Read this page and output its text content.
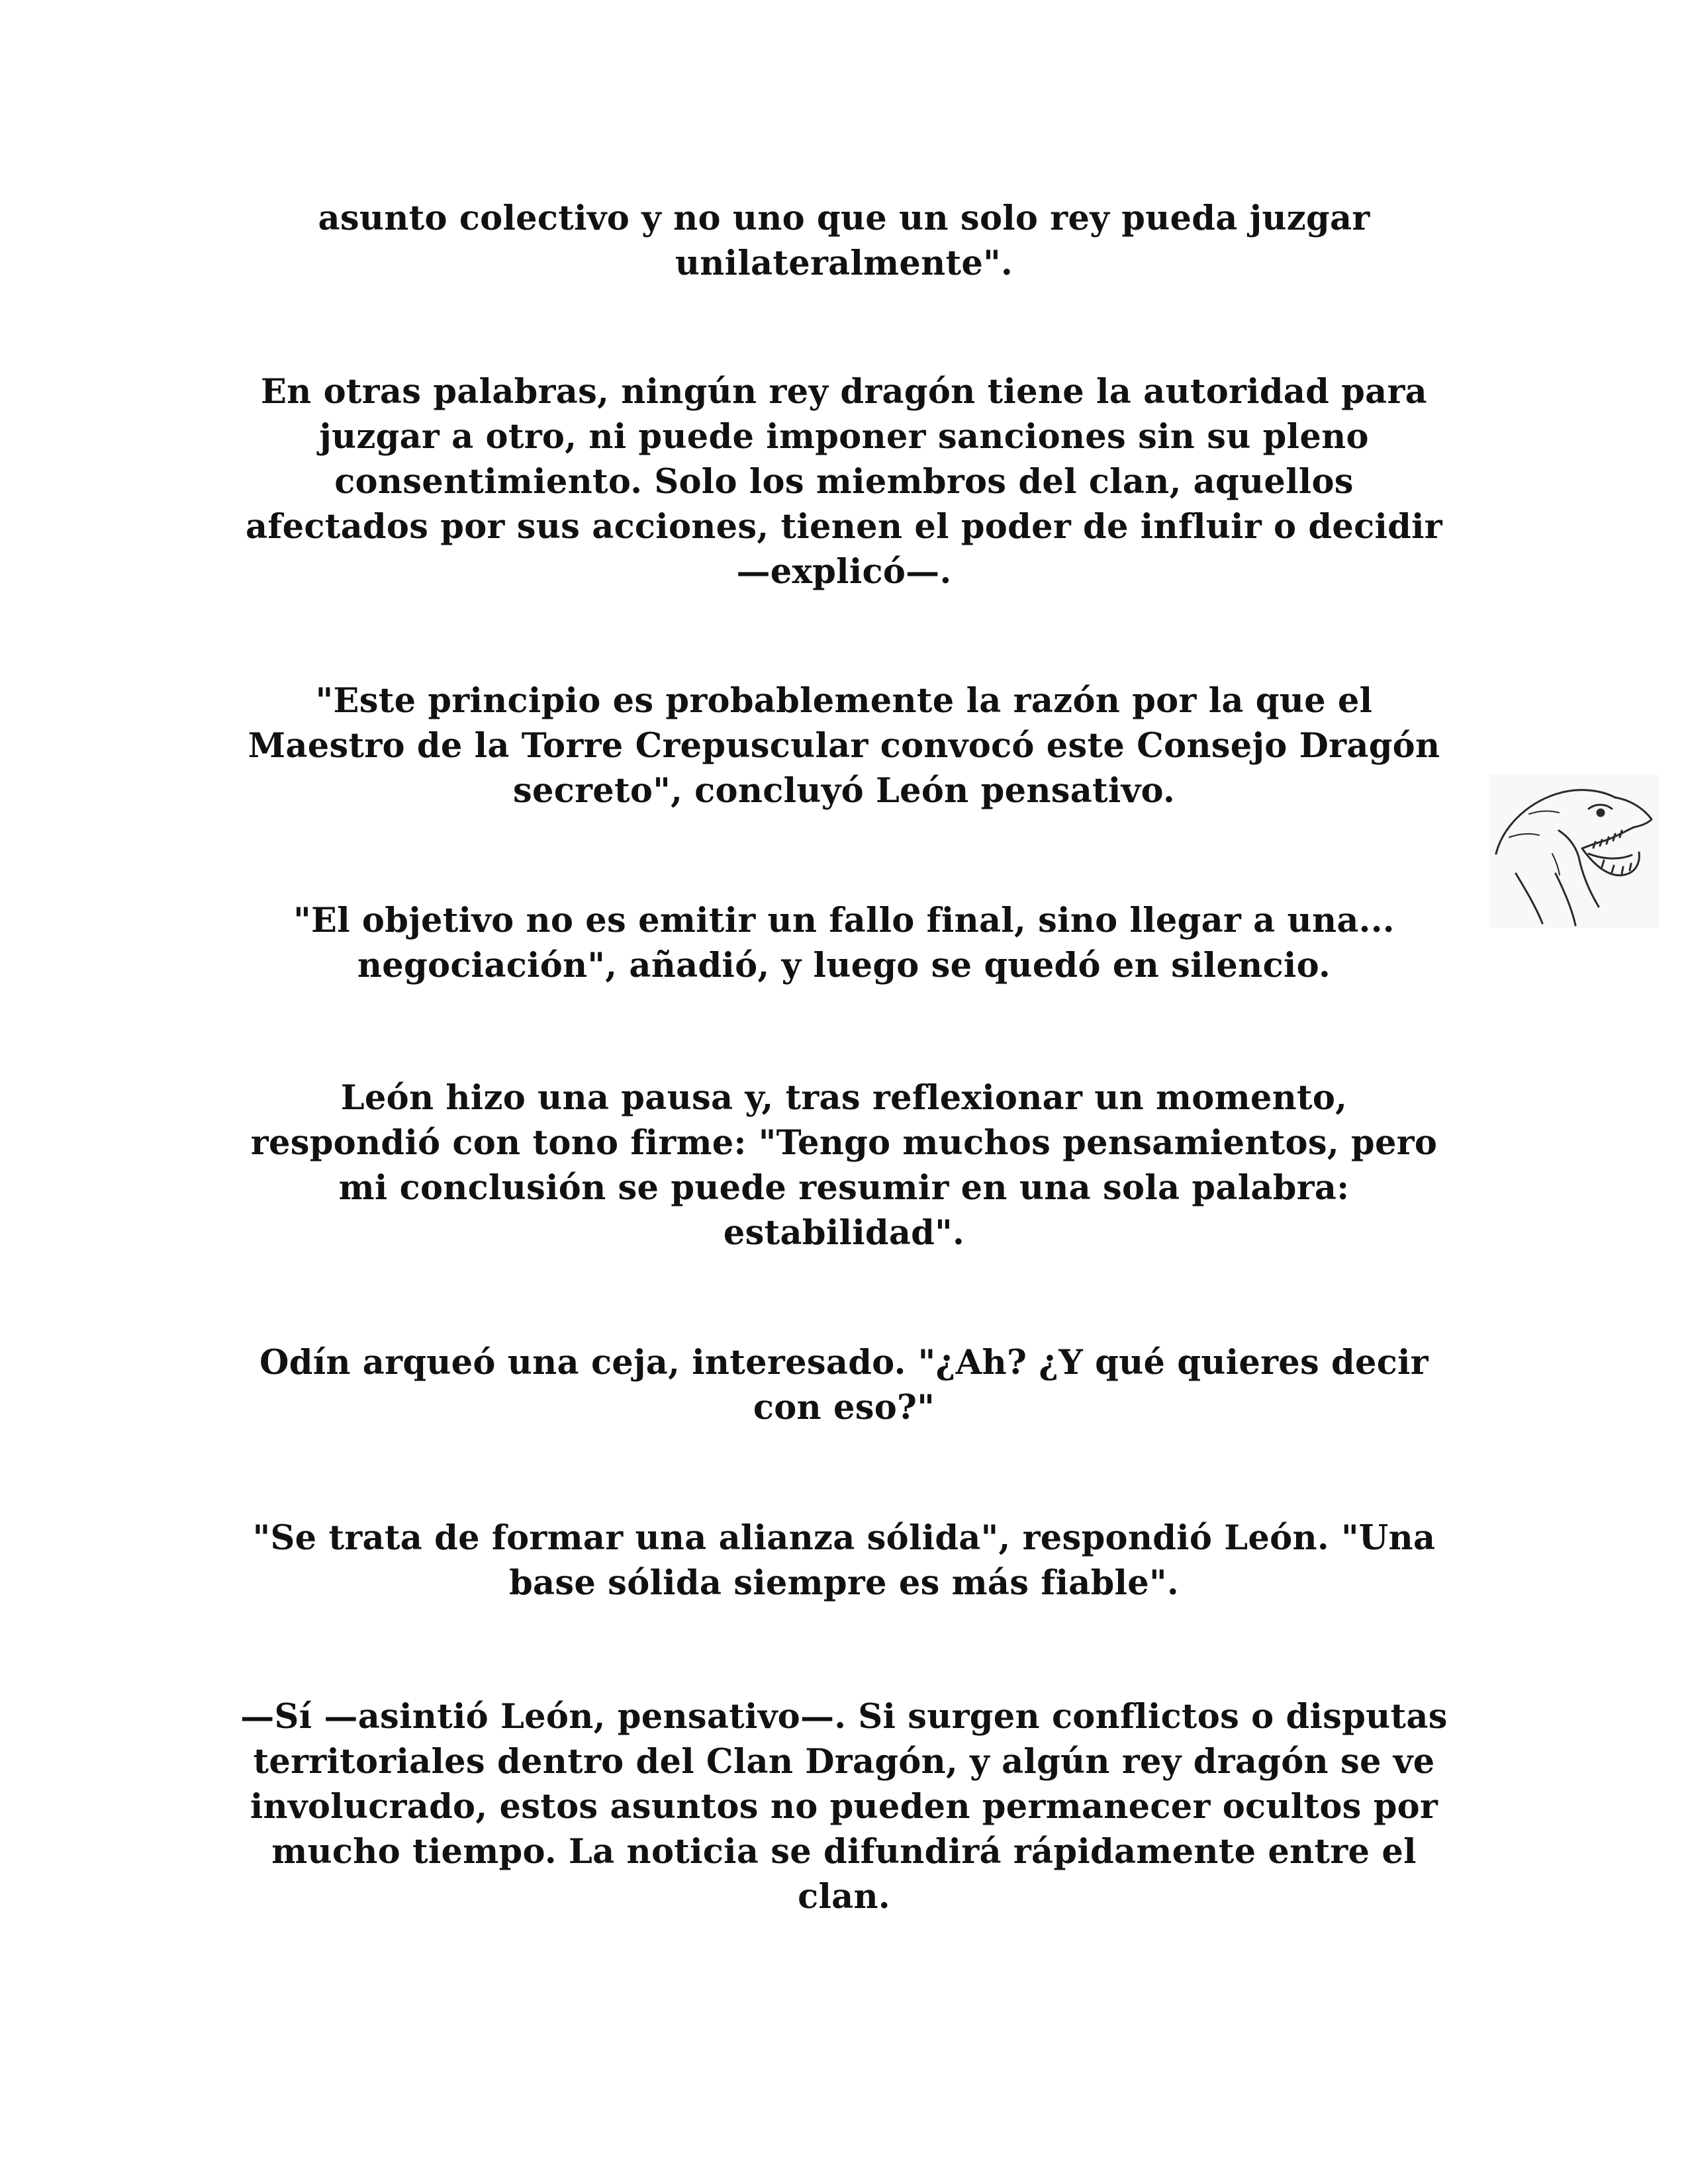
asunto colectivo y no uno que un solo rey pueda juzgar
unilateralmente".

En otras palabras, ningún rey dragón tiene la autoridad para
juzgar a otro, ni puede imponer sanciones sin su pleno
consentimiento. Solo los miembros del clan, aquellos
afectados por sus acciones, tienen el poder de influir o decidir
—explicó—.

"Este principio es probablemente la razón por la que el
Maestro de la Torre Crepuscular convocó este Consejo Dragón
secreto", concluyó León pensativo.

"El objetivo no es emitir un fallo final, sino llegar a una...
negociación", añadió, y luego se quedó en silencio.

León hizo una pausa y, tras reflexionar un momento,
respondió con tono firme: "Tengo muchos pensamientos, pero
mi conclusión se puede resumir en una sola palabra:
estabilidad".

Odín arqueó una ceja, interesado. "¿Ah? ¿Y qué quieres decir
con eso?"

"Se trata de formar una alianza sólida", respondió León. "Una
base sólida siempre es más fiable".

—Sí —asintió León, pensativo—. Si surgen conflictos o disputas
territoriales dentro del Clan Dragón, y algún rey dragón se ve
involucrado, estos asuntos no pueden permanecer ocultos por
mucho tiempo. La noticia se difundirá rápidamente entre el
clan.
